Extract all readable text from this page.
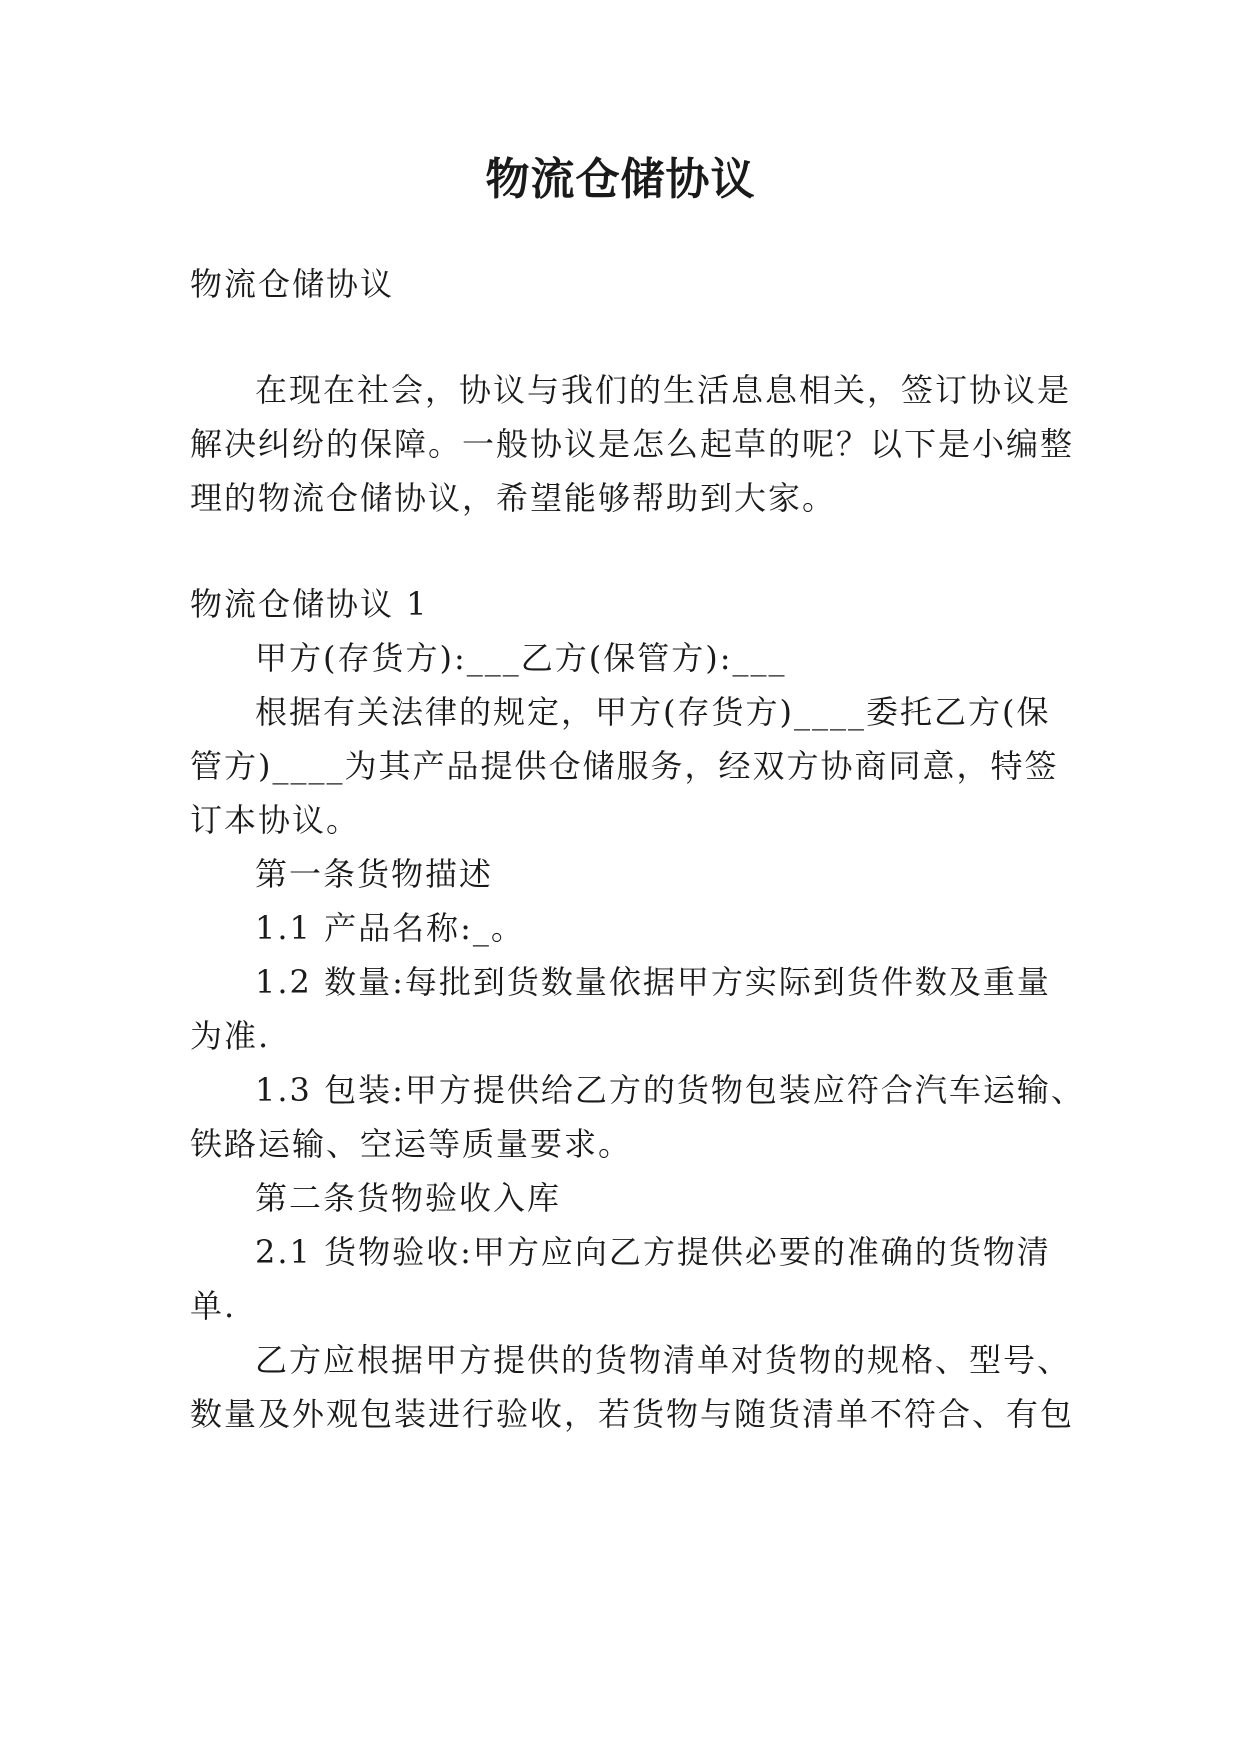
物流仓储协议
物流仓储协议
在现在社会，协议与我们的生活息息相关，签订协议是
解决纠纷的保障。一般协议是怎么起草的呢？以下是小编整
理的物流仓储协议，希望能够帮助到大家。
物流仓储协议 1
甲方(存货方):___乙方(保管方):___
根据有关法律的规定，甲方(存货方)____委托乙方(保
管方)____为其产品提供仓储服务，经双方协商同意，特签
订本协议。
第一条货物描述
1.1 产品名称:_。
1.2 数量:每批到货数量依据甲方实际到货件数及重量
为准.
1.3 包装:甲方提供给乙方的货物包装应符合汽车运输、
铁路运输、空运等质量要求。
第二条货物验收入库
2.1 货物验收:甲方应向乙方提供必要的准确的货物清
单.
乙方应根据甲方提供的货物清单对货物的规格、型号、
数量及外观包装进行验收，若货物与随货清单不符合、有包
